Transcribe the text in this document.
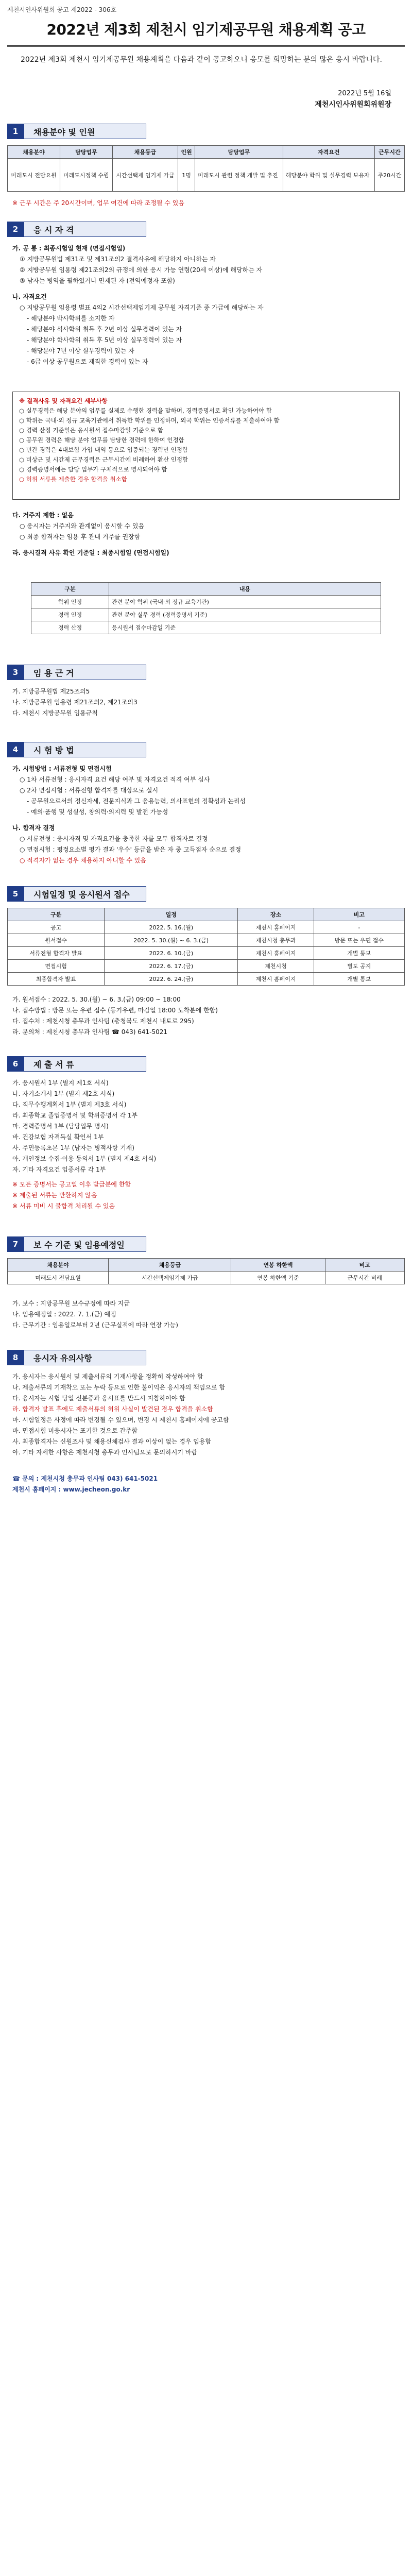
제천시인사위원회 공고 제2022 - 306호
2022년 제3회 제천시 임기제공무원 채용계획 공고
2022년 제3회 제천시 임기제공무원 채용계획을 다음과 같이 공고하오니 응모를 희망하는 분의 많은 응시 바랍니다.
2022년 5월 16일
제천시인사위원회위원장
1	채용분야 및 인원
채용분야	담당업무	채용등급	인원	담당업무	자격요건	근무시간
미래도시 전담요원	미래도시정책 수립	시간선택제 임기제 가급	1명	미래도시 관련 정책 개발 및 추진	해당분야 학위 및 실무경력 보유자	주20시간

※ 근무 시간은 주 20시간이며, 업무 여건에 따라 조정될 수 있음

2	응 시 자 격

가. 공 통 : 최종시험일 현재 (면접시험일)

① 지방공무원법 제31조 및 제31조의2 결격사유에 해당하지 아니하는 자

② 지방공무원 임용령 제21조의2의 규정에 의한 응시 가능 연령(20세 이상)에 해당하는 자

③ 남자는 병역을 필하였거나 면제된 자 (전역예정자 포함)

나. 자격요건

○ 지방공무원 임용령 별표 4의2 시간선택제임기제 공무원 자격기준 중 가급에 해당하는 자

- 해당분야 박사학위를 소지한 자

- 해당분야 석사학위 취득 후 2년 이상 실무경력이 있는 자

- 해당분야 학사학위 취득 후 5년 이상 실무경력이 있는 자

- 해당분야 7년 이상 실무경력이 있는 자

- 6급 이상 공무원으로 재직한 경력이 있는 자

※ 결격사유 및 자격요건 세부사항

○ 실무경력은 해당 분야의 업무를 실제로 수행한 경력을 말하며, 경력증명서로 확인 가능하여야 함

○ 학위는 국내·외 정규 교육기관에서 취득한 학위를 인정하며, 외국 학위는 인증서류를 제출하여야 함

○ 경력 산정 기준일은 응시원서 접수마감일 기준으로 함

○ 공무원 경력은 해당 분야 업무를 담당한 경력에 한하여 인정함

○ 민간 경력은 4대보험 가입 내역 등으로 입증되는 경력만 인정함

○ 비상근 및 시간제 근무경력은 근무시간에 비례하여 환산 인정함

○ 경력증명서에는 담당 업무가 구체적으로 명시되어야 함

○ 허위 서류를 제출한 경우 합격을 취소함

다. 거주지 제한 : 없음

○ 응시자는 거주지와 관계없이 응시할 수 있음

○ 최종 합격자는 임용 후 관내 거주를 권장함

라. 응시결격 사유 확인 기준일 : 최종시험일 (면접시험일)

구분	내용
학위 인정	관련 분야 학위 (국내·외 정규 교육기관)
경력 인정	관련 분야 실무 경력 (경력증명서 기준)
경력 산정	응시원서 접수마감일 기준
3	임 용 근 거

가. 지방공무원법 제25조의5

나. 지방공무원 임용령 제21조의2, 제21조의3

다. 제천시 지방공무원 임용규칙

4	시 험 방 법

가. 시험방법 : 서류전형 및 면접시험

○ 1차 서류전형 : 응시자격 요건 해당 여부 및 자격요건 적격 여부 심사

○ 2차 면접시험 : 서류전형 합격자를 대상으로 실시

- 공무원으로서의 정신자세, 전문지식과 그 응용능력, 의사표현의 정확성과 논리성

- 예의·품행 및 성실성, 창의력·의지력 및 발전 가능성

나. 합격자 결정

○ 서류전형 : 응시자격 및 자격요건을 충족한 자를 모두 합격자로 결정

○ 면접시험 : 평정요소별 평가 결과 '우수' 등급을 받은 자 중 고득점자 순으로 결정

○ 적격자가 없는 경우 채용하지 아니할 수 있음

5	시험일정 및 응시원서 접수
구분	일정	장소	비고
공고	2022. 5. 16.(월)	제천시 홈페이지	-
원서접수	2022. 5. 30.(월) ~ 6. 3.(금)	제천시청 총무과	방문 또는 우편 접수
서류전형 합격자 발표	2022. 6. 10.(금)	제천시 홈페이지	개별 통보
면접시험	2022. 6. 17.(금)	제천시청	별도 공지
최종합격자 발표	2022. 6. 24.(금)	제천시 홈페이지	개별 통보

가. 원서접수 : 2022. 5. 30.(월) ~ 6. 3.(금) 09:00 ~ 18:00

나. 접수방법 : 방문 또는 우편 접수 (등기우편, 마감일 18:00 도착분에 한함)

다. 접수처 : 제천시청 총무과 인사팀 (충청북도 제천시 내토로 295)

라. 문의처 : 제천시청 총무과 인사팀 ☎ 043) 641-5021

6	제 출 서 류

가. 응시원서 1부 (별지 제1호 서식)

나. 자기소개서 1부 (별지 제2호 서식)

다. 직무수행계획서 1부 (별지 제3호 서식)

라. 최종학교 졸업증명서 및 학위증명서 각 1부

마. 경력증명서 1부 (담당업무 명시)

바. 건강보험 자격득실 확인서 1부

사. 주민등록초본 1부 (남자는 병적사항 기재)

아. 개인정보 수집·이용 동의서 1부 (별지 제4호 서식)

자. 기타 자격요건 입증서류 각 1부

※ 모든 증명서는 공고일 이후 발급분에 한함

※ 제출된 서류는 반환하지 않음

※ 서류 미비 시 불합격 처리될 수 있음

7	보 수 기준 및 임용예정일
채용분야	채용등급	연봉 하한액	비고
미래도시 전담요원	시간선택제임기제 가급	연봉 하한액 기준	근무시간 비례

가. 보수 : 지방공무원 보수규정에 따라 지급

나. 임용예정일 : 2022. 7. 1.(금) 예정

다. 근무기간 : 임용일로부터 2년 (근무실적에 따라 연장 가능)

8	응시자 유의사항

가. 응시자는 응시원서 및 제출서류의 기재사항을 정확히 작성하여야 함

나. 제출서류의 기재착오 또는 누락 등으로 인한 불이익은 응시자의 책임으로 함

다. 응시자는 시험 당일 신분증과 응시표를 반드시 지참하여야 함

라. 합격자 발표 후에도 제출서류의 허위 사실이 발견된 경우 합격을 취소함

마. 시험일정은 사정에 따라 변경될 수 있으며, 변경 시 제천시 홈페이지에 공고함

바. 면접시험 미응시자는 포기한 것으로 간주함

사. 최종합격자는 신원조사 및 채용신체검사 결과 이상이 없는 경우 임용함

아. 기타 자세한 사항은 제천시청 총무과 인사팀으로 문의하시기 바람

☎ 문의 : 제천시청 총무과 인사팀 043) 641-5021

제천시 홈페이지 : www.jecheon.go.kr
